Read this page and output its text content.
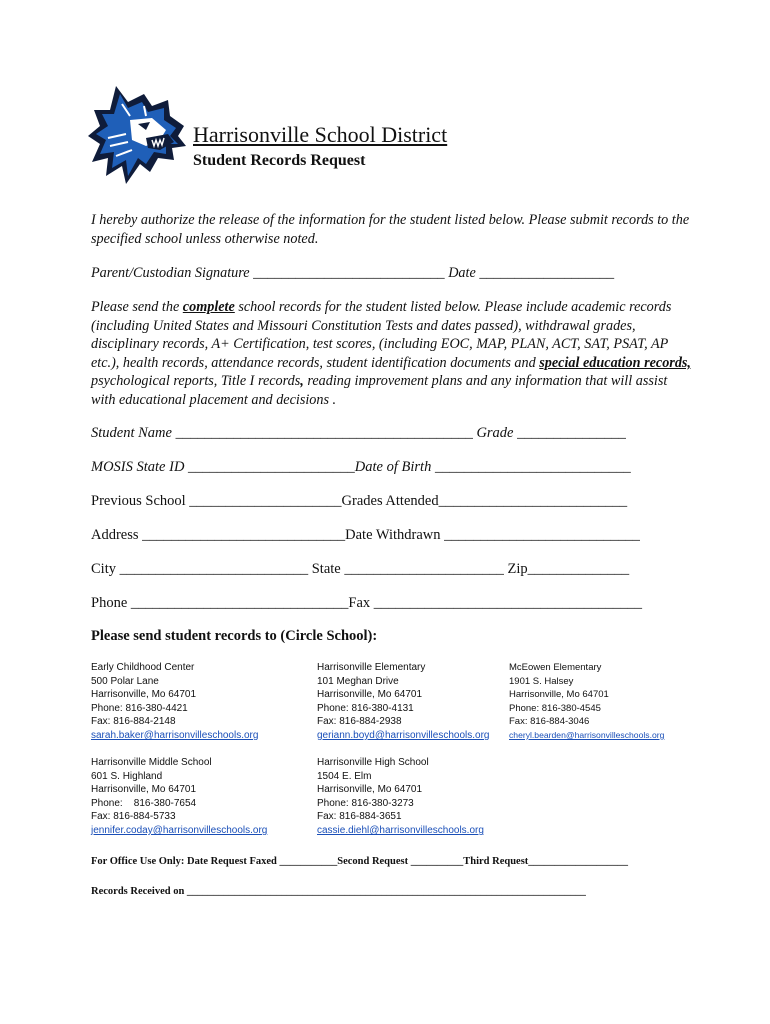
Harrisonville School District
Student Records Request
I hereby authorize the release of the information for the student listed below. Please submit records to the specified school unless otherwise noted.
Parent/Custodian Signature ___________________________ Date ___________________
Please send the complete school records for the student listed below. Please include academic records (including United States and Missouri Constitution Tests and dates passed), withdrawal grades, disciplinary records, A+ Certification, test scores, (including EOC, MAP, PLAN, ACT, SAT, PSAT, AP etc.), health records, attendance records, student identification documents and special education records, psychological reports, Title I records, reading improvement plans and any information that will assist with educational placement and decisions .
Student Name _________________________________________ Grade _______________
MOSIS State ID _______________________Date of Birth ___________________________
Previous School _____________________Grades Attended__________________________
Address ____________________________Date Withdrawn ___________________________
City __________________________ State ______________________ Zip______________
Phone ______________________________Fax _____________________________________
Please send student records to (Circle School):
Early Childhood Center
500 Polar Lane
Harrisonville, Mo 64701
Phone: 816-380-4421
Fax: 816-884-2148
sarah.baker@harrisonvilleschools.org
Harrisonville Elementary
101 Meghan Drive
Harrisonville, Mo 64701
Phone: 816-380-4131
Fax: 816-884-2938
geriann.boyd@harrisonvilleschools.org
McEowen Elementary
1901 S. Halsey
Harrisonville, Mo 64701
Phone: 816-380-4545
Fax: 816-884-3046
cheryl.bearden@harrisonvilleschools.org
Harrisonville Middle School
601 S. Highland
Harrisonville, Mo 64701
Phone:    816-380-7654
Fax: 816-884-5733
jennifer.coday@harrisonvilleschools.org
Harrisonville High School
1504 E. Elm
Harrisonville, Mo 64701
Phone: 816-380-3273
Fax: 816-884-3651
cassie.diehl@harrisonvilleschools.org
For Office Use Only: Date Request Faxed ___________Second Request __________Third Request___________________
Records Received on ____________________________________________________________________________
